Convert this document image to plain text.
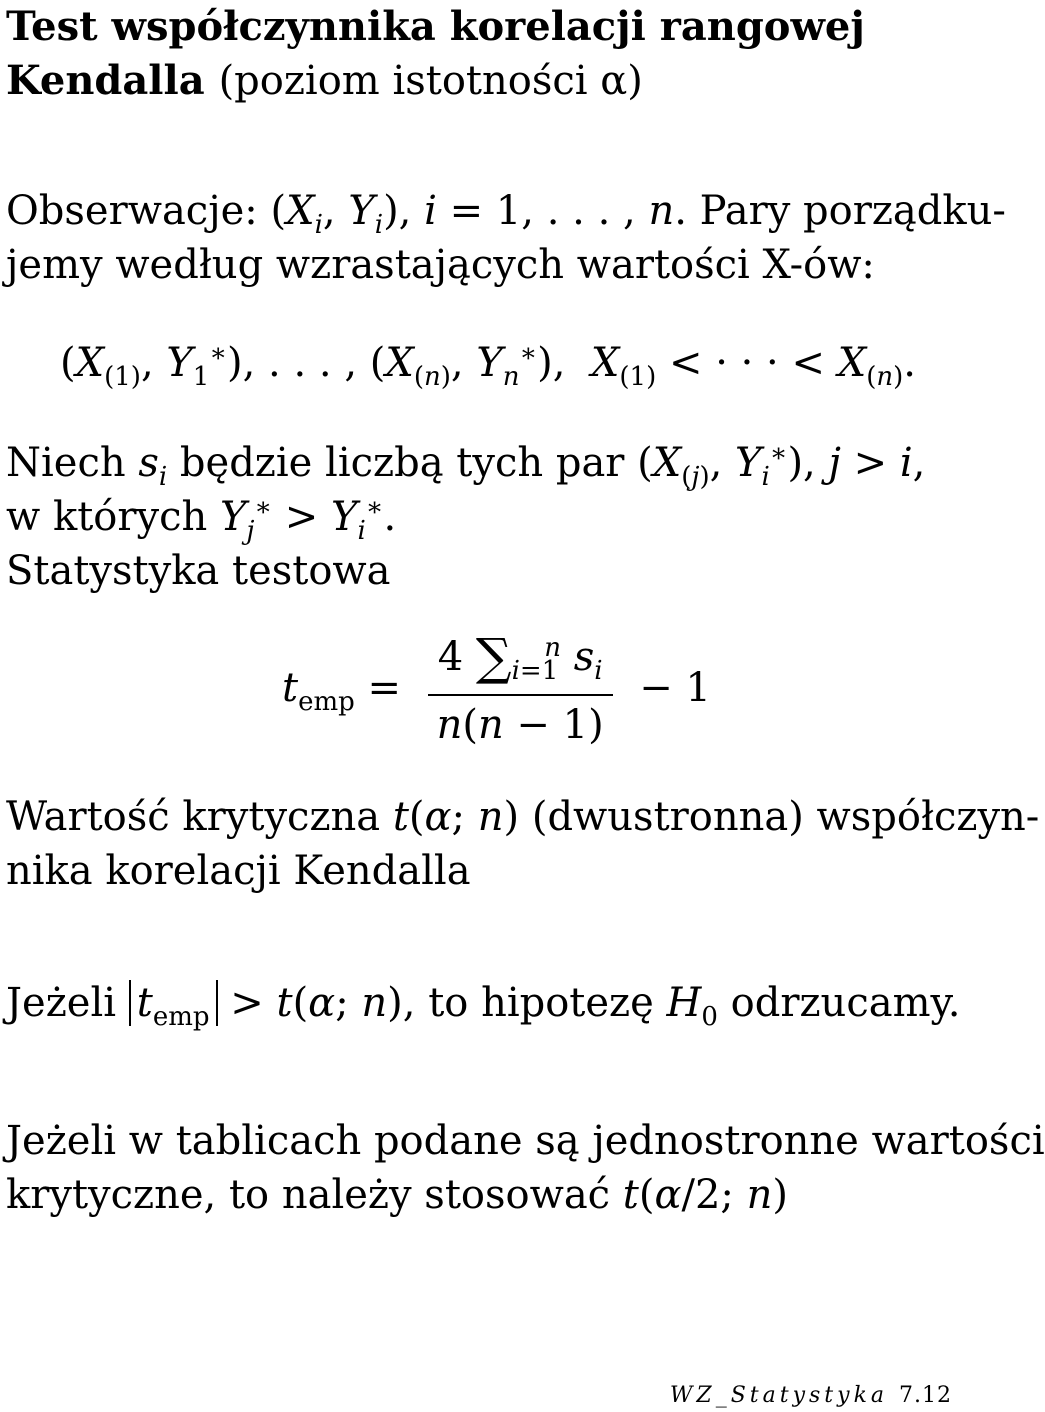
Test współczynnika korelacji rangowej
Kendalla (poziom istotności α)
Obserwacje: ($X_i$, $Y_i$), i = 1, . . . , n. Pary porządku-
jemy według wzrastających wartości X-ów:
($X_{(1)}$, $Y_1^∗$), . . . , ($X_{(n)}$, $Y_n^∗$),  $X_{(1)}$ < · · · < $X_{(n)}$.
Niech $s_i$ będzie liczbą tych par ($X_{(j)}$, $Y_i^∗$), j > i,
w których $Y_j^∗ > Y_i^∗$.
Statystyka testowa
$t_{emp} = \frac{4 \sum_{i=1}^n s_i}{n(n - 1)} - 1$
Wartość krytyczna t(α; n) (dwustronna) współczyn-
nika korelacji Kendalla
Jeżeli $t_{emp} > t(\alpha$; n), to hipotezę $H_0$ odrzucamy.
Jeżeli w tablicach podane są jednostronne wartości
krytyczne, to należy stosować t(α/2; n)
WZ_Statystyka 7.12
